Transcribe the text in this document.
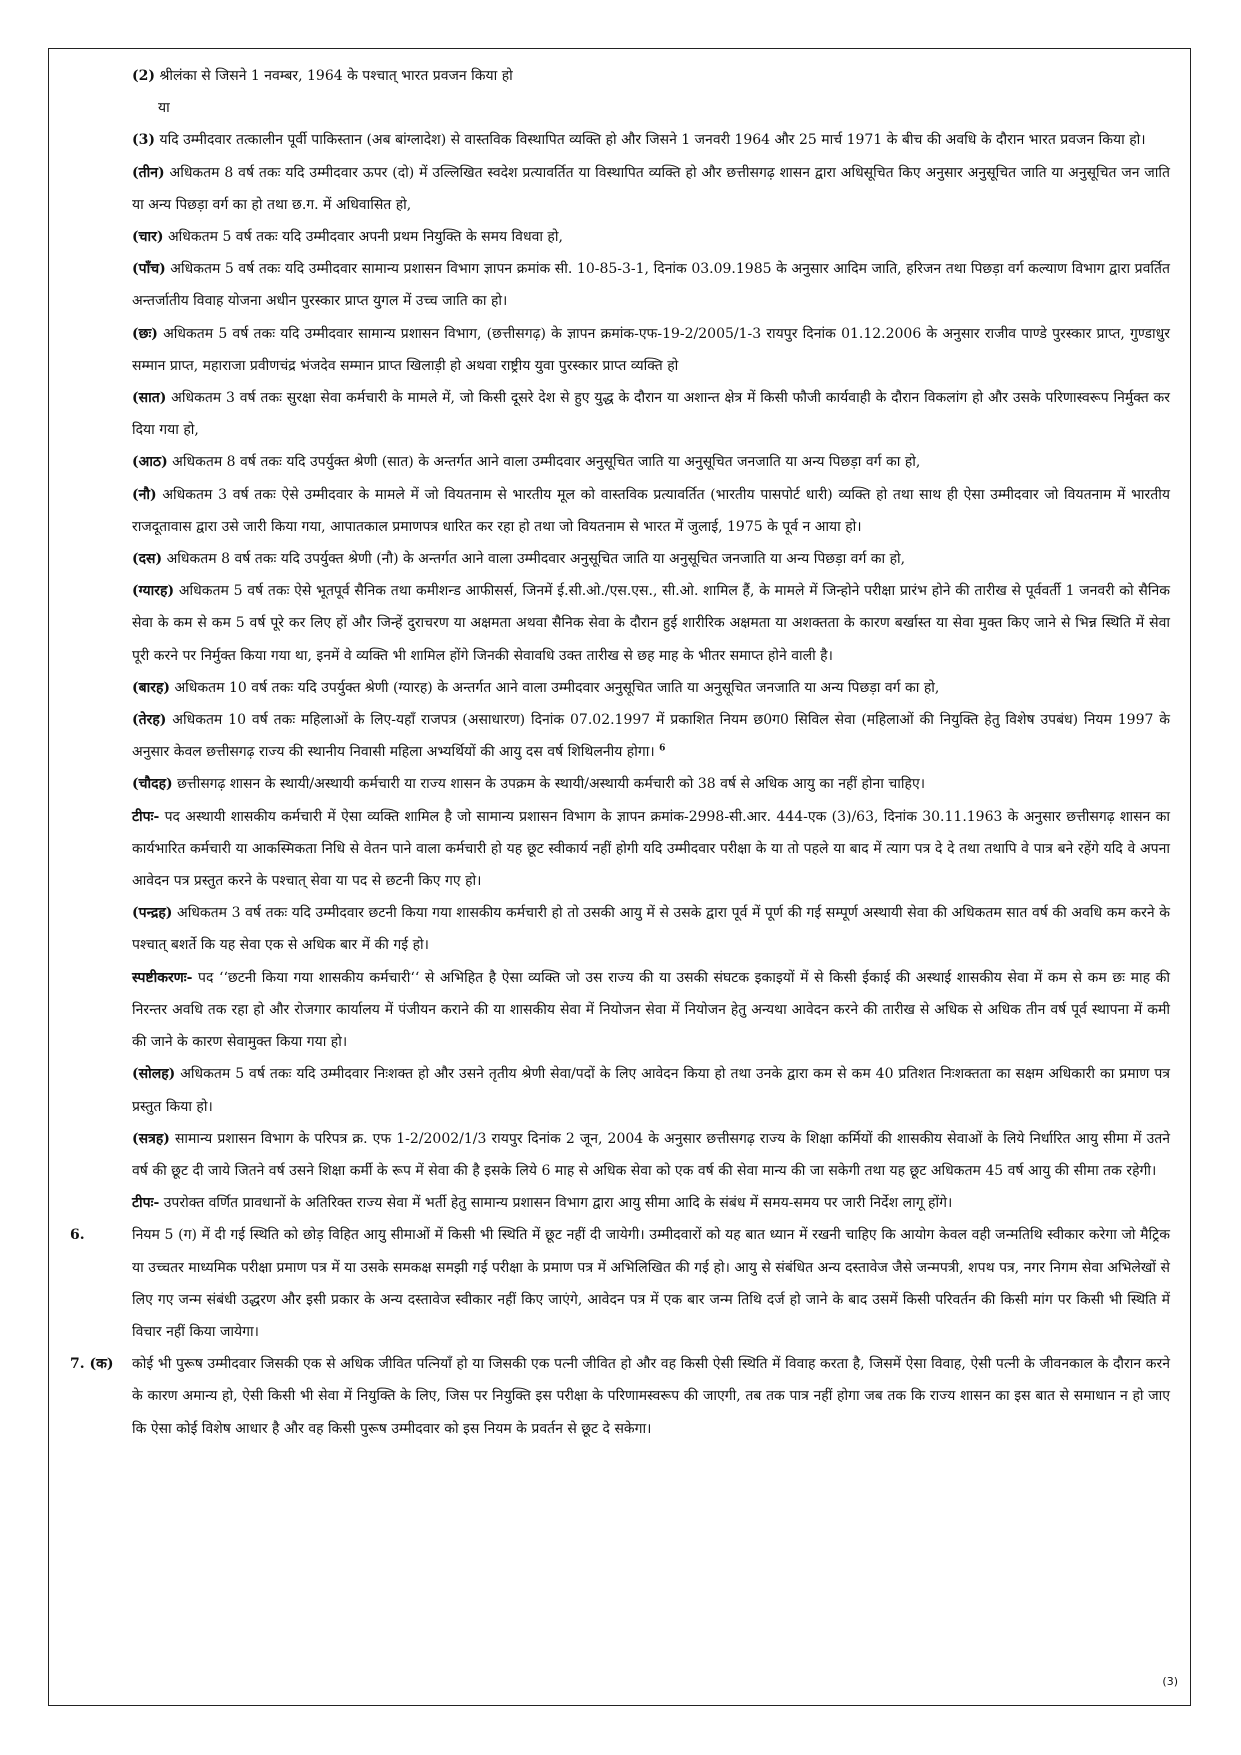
(2) श्रीलंका से जिसने 1 नवम्बर, 1964 के पश्चात् भारत प्रवजन किया हो
या
(3) यदि उम्मीदवार तत्कालीन पूर्वी पाकिस्तान (अब बांग्लादेश) से वास्तविक विस्थापित व्यक्ति हो और जिसने 1 जनवरी 1964 और 25 मार्च 1971 के बीच की अवधि के दौरान भारत प्रवजन किया हो।
(तीन) अधिकतम 8 वर्ष तकः यदि उम्मीदवार ऊपर (दो) में उल्लिखित स्वदेश प्रत्यावर्तित या विस्थापित व्यक्ति हो और छत्तीसगढ़ शासन द्वारा अधिसूचित किए अनुसार अनुसूचित जाति या अनुसूचित जन जाति या अन्य पिछड़ा वर्ग का हो तथा छ.ग. में अधिवासित हो,
(चार) अधिकतम 5 वर्ष तकः यदि उम्मीदवार अपनी प्रथम नियुक्ति के समय विधवा हो,
(पाँच) अधिकतम 5 वर्ष तकः यदि उम्मीदवार सामान्य प्रशासन विभाग ज्ञापन क्रमांक सी. 10-85-3-1, दिनांक 03.09.1985 के अनुसार आदिम जाति, हरिजन तथा पिछड़ा वर्ग कल्याण विभाग द्वारा प्रवर्तित अन्तर्जातीय विवाह योजना अधीन पुरस्कार प्राप्त युगल में उच्च जाति का हो।
(छः) अधिकतम 5 वर्ष तकः यदि उम्मीदवार सामान्य प्रशासन विभाग, (छत्तीसगढ़) के ज्ञापन क्रमांक-एफ-19-2/2005/1-3 रायपुर दिनांक 01.12.2006 के अनुसार राजीव पाण्डे पुरस्कार प्राप्त, गुण्डाधुर सम्मान प्राप्त, महाराजा प्रवीणचंद्र भंजदेव सम्मान प्राप्त खिलाड़ी हो अथवा राष्ट्रीय युवा पुरस्कार प्राप्त व्यक्ति हो
(सात) अधिकतम 3 वर्ष तकः सुरक्षा सेवा कर्मचारी के मामले में, जो किसी दूसरे देश से हुए युद्ध के दौरान या अशान्त क्षेत्र में किसी फौजी कार्यवाही के दौरान विकलांग हो और उसके परिणास्वरूप निर्मुक्त कर दिया गया हो,
(आठ) अधिकतम 8 वर्ष तकः यदि उपर्युक्त श्रेणी (सात) के अन्तर्गत आने वाला उम्मीदवार अनुसूचित जाति या अनुसूचित जनजाति या अन्य पिछड़ा वर्ग का हो,
(नौ) अधिकतम 3 वर्ष तकः ऐसे उम्मीदवार के मामले में जो वियतनाम से भारतीय मूल को वास्तविक प्रत्यावर्तित (भारतीय पासपोर्ट धारी) व्यक्ति हो तथा साथ ही ऐसा उम्मीदवार जो वियतनाम में भारतीय राजदूतावास द्वारा उसे जारी किया गया, आपातकाल प्रमाणपत्र धारित कर रहा हो तथा जो वियतनाम से भारत में जुलाई, 1975 के पूर्व न आया हो।
(दस) अधिकतम 8 वर्ष तकः यदि उपर्युक्त श्रेणी (नौ) के अन्तर्गत आने वाला उम्मीदवार अनुसूचित जाति या अनुसूचित जनजाति या अन्य पिछड़ा वर्ग का हो,
(ग्यारह) अधिकतम 5 वर्ष तकः ऐसे भूतपूर्व सैनिक तथा कमीशन्ड आफीसर्स, जिनमें ई.सी.ओ./एस.एस., सी.ओ. शामिल हैं, के मामले में जिन्होने परीक्षा प्रारंभ होने की तारीख से पूर्ववर्ती 1 जनवरी को सैनिक सेवा के कम से कम 5 वर्ष पूरे कर लिए हों और जिन्हें दुराचरण या अक्षमता अथवा सैनिक सेवा के दौरान हुई शारीरिक अक्षमता या अशक्तता के कारण बर्खास्त या सेवा मुक्त किए जाने से भिन्न स्थिति में सेवा पूरी करने पर निर्मुक्त किया गया था, इनमें वे व्यक्ति भी शामिल होंगे जिनकी सेवावधि उक्त तारीख से छह माह के भीतर समाप्त होने वाली है।
(बारह) अधिकतम 10 वर्ष तकः यदि उपर्युक्त श्रेणी (ग्यारह) के अन्तर्गत आने वाला उम्मीदवार अनुसूचित जाति या अनुसूचित जनजाति या अन्य पिछड़ा वर्ग का हो,
(तेरह) अधिकतम 10 वर्ष तकः महिलाओं के लिए-यहाँ राजपत्र (असाधारण) दिनांक 07.02.1997 में प्रकाशित नियम छ0ग0 सिविल सेवा (महिलाओं की नियुक्ति हेतु विशेष उपबंध) नियम 1997 के अनुसार केवल छत्तीसगढ़ राज्य की स्थानीय निवासी महिला अभ्यर्थियों की आयु दस वर्ष शिथिलनीय होगा। $^6$
(चौदह) छत्तीसगढ़ शासन के स्थायी/अस्थायी कर्मचारी या राज्य शासन के उपक्रम के स्थायी/अस्थायी कर्मचारी को 38 वर्ष से अधिक आयु का नहीं होना चाहिए।
टीपः- पद अस्थायी शासकीय कर्मचारी में ऐसा व्यक्ति शामिल है जो सामान्य प्रशासन विभाग के ज्ञापन क्रमांक-2998-सी.आर. 444-एक (3)/63, दिनांक 30.11.1963 के अनुसार छत्तीसगढ़ शासन का कार्यभारित कर्मचारी या आकस्मिकता निधि से वेतन पाने वाला कर्मचारी हो यह छूट स्वीकार्य नहीं होगी यदि उम्मीदवार परीक्षा के या तो पहले या बाद में त्याग पत्र दे दे तथा तथापि वे पात्र बने रहेंगे यदि वे अपना आवेदन पत्र प्रस्तुत करने के पश्चात् सेवा या पद से छटनी किए गए हो।
(पन्द्रह) अधिकतम 3 वर्ष तकः यदि उम्मीदवार छटनी किया गया शासकीय कर्मचारी हो तो उसकी आयु में से उसके द्वारा पूर्व में पूर्ण की गई सम्पूर्ण अस्थायी सेवा की अधिकतम सात वर्ष की अवधि कम करने के पश्चात् बशर्ते कि यह सेवा एक से अधिक बार में की गई हो।
स्पष्टीकरणः- पद ‘‘छटनी किया गया शासकीय कर्मचारी‘‘ से अभिहित है ऐसा व्यक्ति जो उस राज्य की या उसकी संघटक इकाइयों में से किसी ईकाई की अस्थाई शासकीय सेवा में कम से कम छः माह की निरन्तर अवधि तक रहा हो और रोजगार कार्यालय में पंजीयन कराने की या शासकीय सेवा में नियोजन सेवा में नियोजन हेतु अन्यथा आवेदन करने की तारीख से अधिक से अधिक तीन वर्ष पूर्व स्थापना में कमी की जाने के कारण सेवामुक्त किया गया हो।
(सोलह) अधिकतम 5 वर्ष तकः यदि उम्मीदवार निःशक्त हो और उसने तृतीय श्रेणी सेवा/पदों के लिए आवेदन किया हो तथा उनके द्वारा कम से कम 40 प्रतिशत निःशक्तता का सक्षम अधिकारी का प्रमाण पत्र प्रस्तुत किया हो।
(सत्रह) सामान्य प्रशासन विभाग के परिपत्र क्र. एफ 1-2/2002/1/3 रायपुर दिनांक 2 जून, 2004 के अनुसार छत्तीसगढ़ राज्य के शिक्षा कर्मियों की शासकीय सेवाओं के लिये निर्धारित आयु सीमा में उतने वर्ष की छूट दी जाये जितने वर्ष उसने शिक्षा कर्मी के रूप में सेवा की है इसके लिये 6 माह से अधिक सेवा को एक वर्ष की सेवा मान्य की जा सकेगी तथा यह छूट अधिकतम 45 वर्ष आयु की सीमा तक रहेगी।
टीपः- उपरोक्त वर्णित प्रावधानों के अतिरिक्त राज्य सेवा में भर्ती हेतु सामान्य प्रशासन विभाग द्वारा आयु सीमा आदि के संबंध में समय-समय पर जारी निर्देश लागू होंगे।
6.	नियम 5 (ग) में दी गई स्थिति को छोड़ विहित आयु सीमाओं में किसी भी स्थिति में छूट नहीं दी जायेगी। उम्मीदवारों को यह बात ध्यान में रखनी चाहिए कि आयोग केवल वही जन्मतिथि स्वीकार करेगा जो मैट्रिक या उच्चतर माध्यमिक परीक्षा प्रमाण पत्र में या उसके समकक्ष समझी गई परीक्षा के प्रमाण पत्र में अभिलिखित की गई हो। आयु से संबंधित अन्य दस्तावेज जैसे जन्मपत्री, शपथ पत्र, नगर निगम सेवा अभिलेखों से लिए गए जन्म संबंधी उद्धरण और इसी प्रकार के अन्य दस्तावेज स्वीकार नहीं किए जाएंगे, आवेदन पत्र में एक बार जन्म तिथि दर्ज हो जाने के बाद उसमें किसी परिवर्तन की किसी मांग पर किसी भी स्थिति में विचार नहीं किया जायेगा।
7. (क) कोई भी पुरूष उम्मीदवार जिसकी एक से अधिक जीवित पत्नियाँ हो या जिसकी एक पत्नी जीवित हो और वह किसी ऐसी स्थिति में विवाह करता है, जिसमें ऐसा विवाह, ऐसी पत्नी के जीवनकाल के दौरान करने के कारण अमान्य हो, ऐसी किसी भी सेवा में नियुक्ति के लिए, जिस पर नियुक्ति इस परीक्षा के परिणामस्वरूप की जाएगी, तब तक पात्र नहीं होगा जब तक कि राज्य शासन का इस बात से समाधान न हो जाए कि ऐसा कोई विशेष आधार है और वह किसी पुरूष उम्मीदवार को इस नियम के प्रवर्तन से छूट दे सकेगा।
(3)
